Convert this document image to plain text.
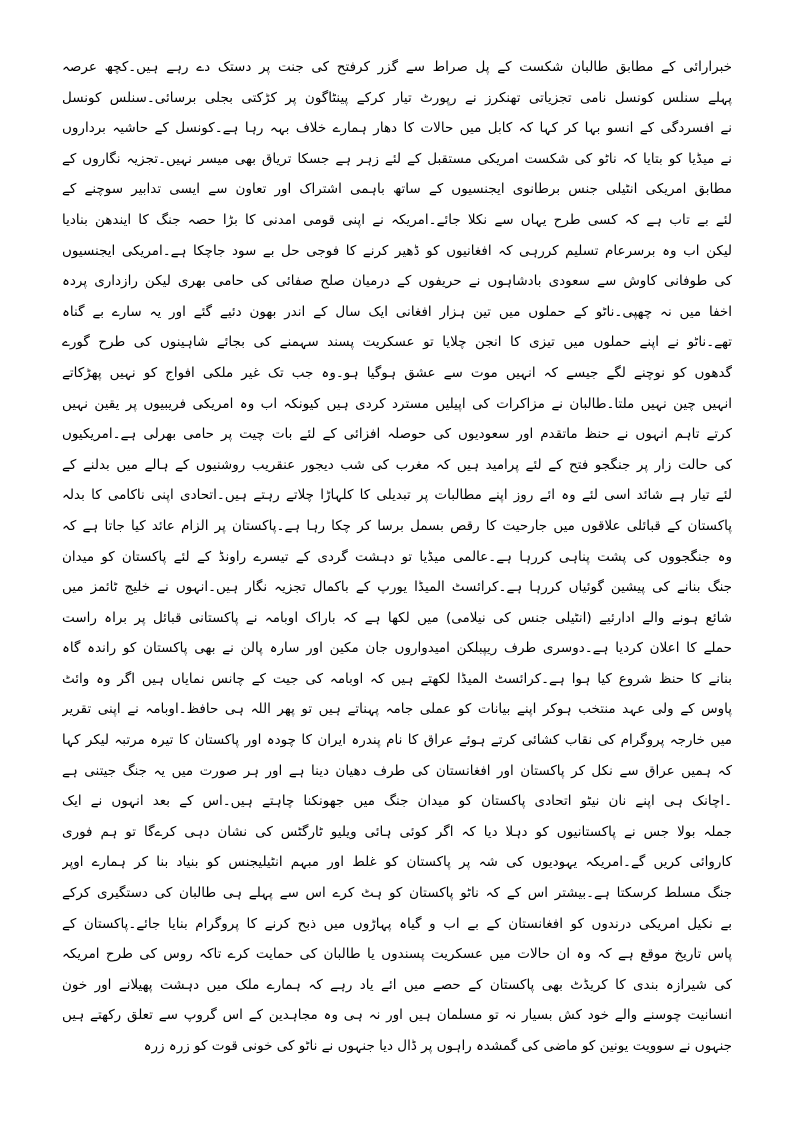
خبرارائی کے مطابق طالبان شکست کے پل صراط سے گزر کرفتح کی جنت پر دستک دے رہے ہیں۔کچھ عرصہ
پہلے سنلس کونسل نامی تجزیاتی تھنکرز نے رپورٹ تیار کرکے پینٹاگون پر کڑکتی بجلی برسائی۔سنلس کونسل
نے افسردگی کے انسو بہا کر کہا کہ کابل میں حالات کا دھار ہمارے خلاف بہہ رہا ہے۔کونسل کے حاشیہ برداروں
نے میڈیا کو بتایا کہ ناٹو کی شکست امریکی مستقبل کے لئے زہر ہے جسکا تریاق بھی میسر نہیں۔تجزیہ نگاروں کے
مطابق امریکی انٹیلی جنس برطانوی ایجنسیوں کے ساتھ باہمی اشتراک اور تعاون سے ایسی تدابیر سوچنے کے
لئے بے تاب ہے کہ کسی طرح یہاں سے نکلا جائے۔امریکہ نے اپنی قومی امدنی کا بڑا حصہ جنگ کا ایندھن بنادیا
لیکن اب وہ برسرعام تسلیم کررہی کہ افغانیوں کو ڈھیر کرنے کا فوجی حل بے سود جاچکا ہے۔امریکی ایجنسیوں
کی طوفانی کاوش سے سعودی بادشاہوں نے حریفوں کے درمیان صلح صفائی کی حامی بھری لیکن رازداری پردہ
اخفا میں نہ چھپی۔ناٹو کے حملوں میں تین ہزار افغانی ایک سال کے اندر بھون دئیے گئے اور یہ سارے بے گناہ
تھے۔ناٹو نے اپنے حملوں میں تیزی کا انجن چلایا تو عسکریت پسند سہمنے کی بجائے شاہینوں کی طرح گورے
گدھوں کو نوچنے لگے جیسے کہ انہیں موت سے عشق ہوگیا ہو۔وہ جب تک غیر ملکی افواج کو نہیں پھڑکاتے
انہیں چین نہیں ملتا۔طالبان نے مزاکرات کی اپیلیں مسترد کردی ہیں کیونکہ اب وہ امریکی فریبیوں پر یقین نہیں
کرتے تاہم انہوں نے حنظ ماتقدم اور سعودیوں کی حوصلہ افزائی کے لئے بات چیت پر حامی بھرلی ہے۔امریکیوں
کی حالت زار پر جنگجو فتح کے لئے پرامید ہیں کہ مغرب کی شب دیجور عنقریب روشنیوں کے ہالے میں بدلنے کے
لئے تیار ہے شائد اسی لئے وہ ائے روز اپنے مطالبات پر تبدیلی کا کلہاڑا چلاتے رہتے ہیں۔اتحادی اپنی ناکامی کا بدلہ
پاکستان کے قبائلی علاقوں میں جارحیت کا رقص بسمل برسا کر چکا رہا ہے۔پاکستان پر الزام عائد کیا جاتا ہے کہ
وہ جنگجووں کی پشت پناہی کررہا ہے۔عالمی میڈیا تو دہشت گردی کے تیسرے راونڈ کے لئے پاکستان کو میدان
جنگ بنانے کی پیشین گوئیاں کررہا ہے۔کرائسٹ المیڈا یورپ کے باکمال تجزیہ نگار ہیں۔انہوں نے خلیج ٹائمز میں
شائع ہونے والے ادارئیے (انٹیلی جنس کی نیلامی) میں لکھا ہے کہ باراک اوبامہ نے پاکستانی قبائل پر براہ راست
حملے کا اعلان کردیا ہے۔دوسری طرف ریپبلکن امیدواروں جان مکین اور سارہ پالن نے بھی پاکستان کو راندہ گاہ
بنانے کا حنظ شروع کیا ہوا ہے۔کرائسٹ المیڈا لکھتے ہیں کہ اوبامہ کی جیت کے چانس نمایاں ہیں اگر وہ وائٹ
پاوس کے ولی عہد منتخب ہوکر اپنے بیانات کو عملی جامہ پہناتے ہیں تو پھر اللہ ہی حافظ۔اوبامہ نے اپنی تقریر
میں خارجہ پروگرام کی نقاب کشائی کرتے ہوئے عراق کا نام پندرہ ایران کا چودہ اور پاکستان کا تیرہ مرتبہ لیکر کہا
کہ ہمیں عراق سے نکل کر پاکستان اور افغانستان کی طرف دھیان دینا ہے اور ہر صورت میں یہ جنگ جیتنی ہے
۔اچانک ہی اپنے نان نیٹو اتحادی پاکستان کو میدان جنگ میں جھونکنا چاہتے ہیں۔اس کے بعد انہوں نے ایک
جملہ بولا جس نے پاکستانیوں کو دہلا دیا کہ اگر کوئی ہائی ویلیو ٹارگٹس کی نشان دہی کرےگا تو ہم فوری
کاروائی کریں گے۔امریکہ یہودیوں کی شہ پر پاکستان کو غلط اور مبہم انٹیلیجنس کو بنیاد بنا کر ہمارے اوپر
جنگ مسلط کرسکتا ہے۔بیشتر اس کے کہ ناٹو پاکستان کو ہٹ کرے اس سے پہلے ہی طالبان کی دستگیری کرکے
بے نکیل امریکی درندوں کو افغانستان کے بے اب و گیاہ پہاڑوں میں ذبح کرنے کا پروگرام بنایا جائے۔پاکستان کے
پاس تاریخ موقع ہے کہ وہ ان حالات میں عسکریت پسندوں یا طالبان کی حمایت کرے تاکہ روس کی طرح امریکہ
کی شیرازہ بندی کا کریڈٹ بھی پاکستان کے حصے میں ائے یاد رہے کہ ہمارے ملک میں دہشت پھیلانے اور خون
انسانیت چوسنے والے خود کش بسیار نہ تو مسلمان ہیں اور نہ ہی وہ مجاہدین کے اس گروپ سے تعلق رکھتے ہیں
جنہوں نے سوویت یونین کو ماضی کی گمشدہ راہوں پر ڈال دیا جنہوں نے ناٹو کی خونی قوت کو زرہ زرہ
